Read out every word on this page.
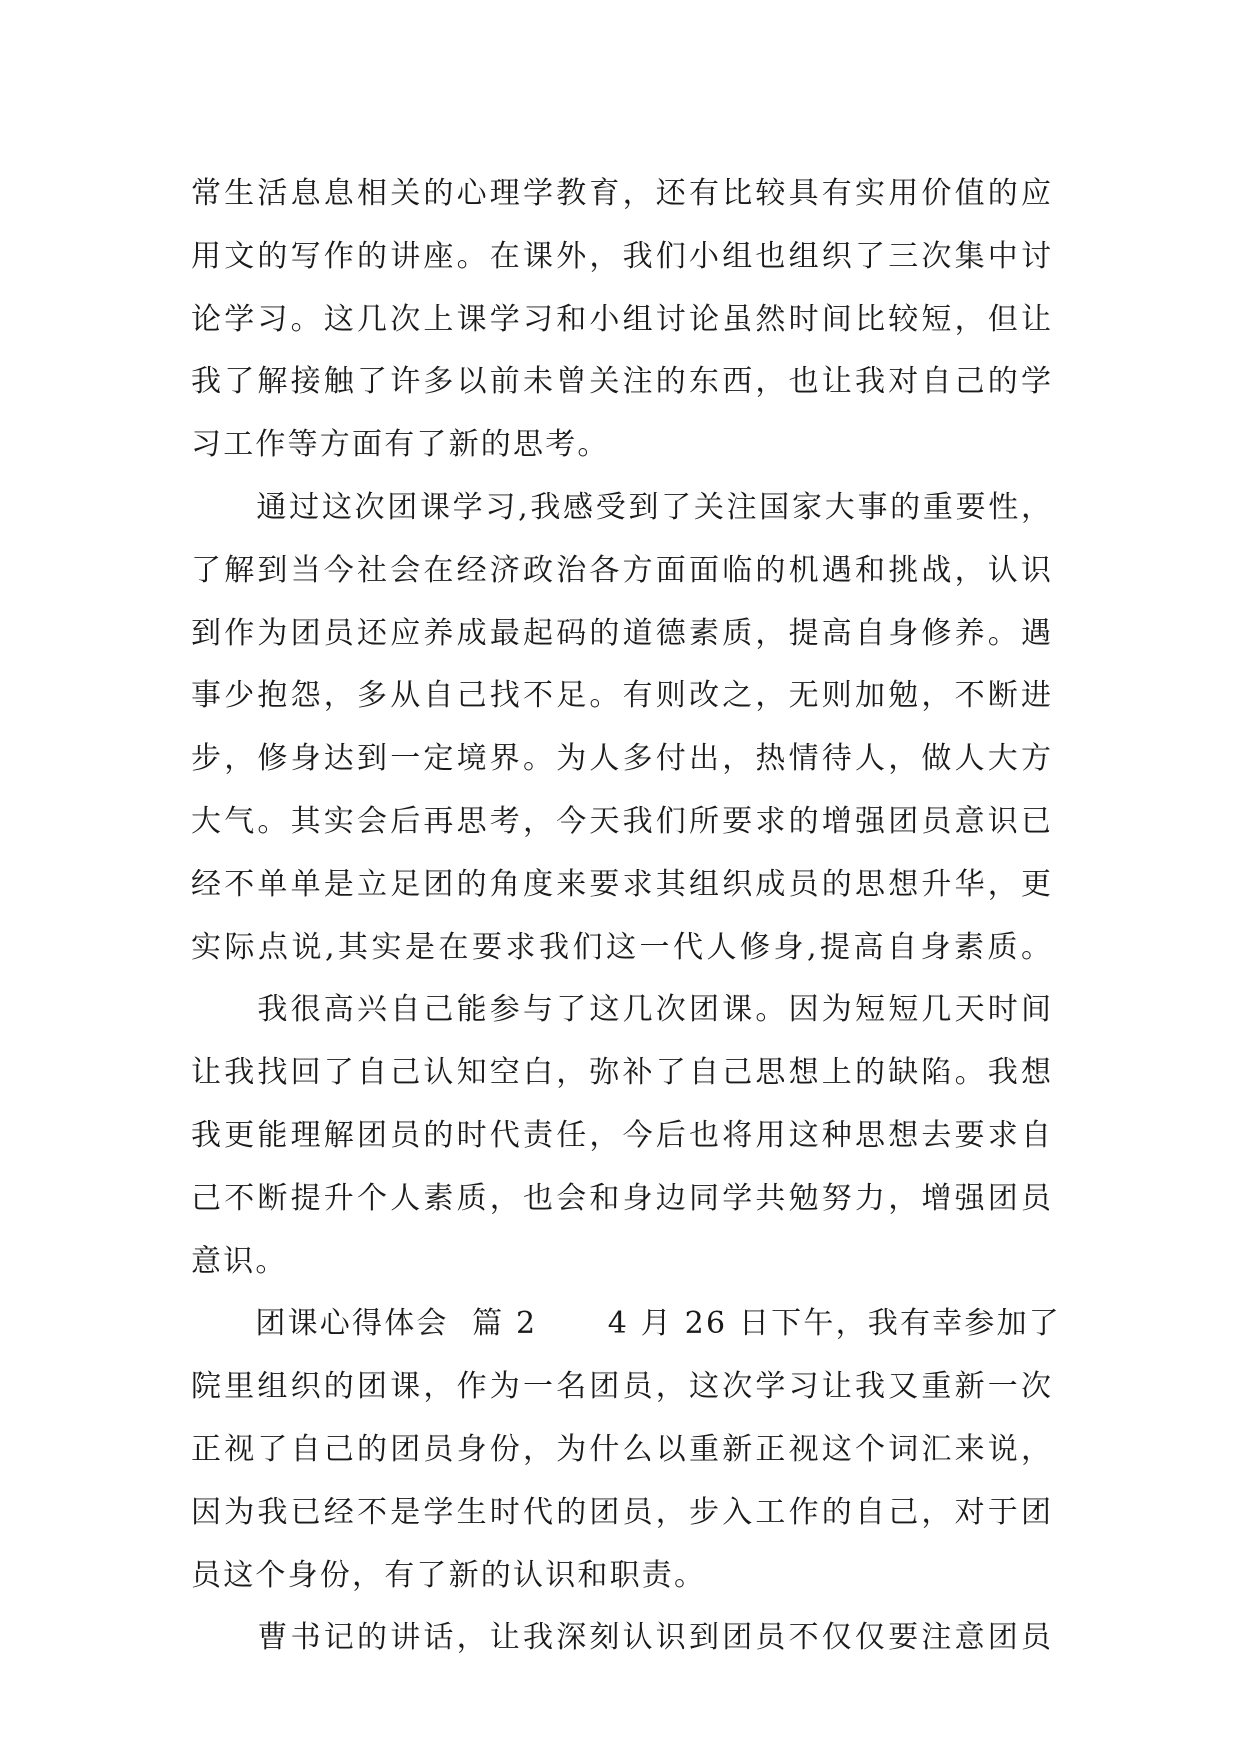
常生活息息相关的心理学教育，还有比较具有实用价值的应
用文的写作的讲座。在课外，我们小组也组织了三次集中讨
论学习。这几次上课学习和小组讨论虽然时间比较短，但让
我了解接触了许多以前未曾关注的东西，也让我对自己的学
习工作等方面有了新的思考。
　　通过这次团课学习,我感受到了关注国家大事的重要性，
了解到当今社会在经济政治各方面面临的机遇和挑战，认识
到作为团员还应养成最起码的道德素质，提高自身修养。遇
事少抱怨，多从自己找不足。有则改之，无则加勉，不断进
步，修身达到一定境界。为人多付出，热情待人，做人大方
大气。其实会后再思考，今天我们所要求的增强团员意识已
经不单单是立足团的角度来要求其组织成员的思想升华，更
实际点说,其实是在要求我们这一代人修身,提高自身素质。
　　我很高兴自己能参与了这几次团课。因为短短几天时间
让我找回了自己认知空白，弥补了自己思想上的缺陷。我想
我更能理解团员的时代责任，今后也将用这种思想去要求自
己不断提升个人素质，也会和身边同学共勉努力，增强团员
意识。
　　团课心得体会  篇 2      4 月 26 日下午，我有幸参加了
院里组织的团课，作为一名团员，这次学习让我又重新一次
正视了自己的团员身份，为什么以重新正视这个词汇来说，
因为我已经不是学生时代的团员，步入工作的自己，对于团
员这个身份，有了新的认识和职责。
　　曹书记的讲话，让我深刻认识到团员不仅仅要注意团员
